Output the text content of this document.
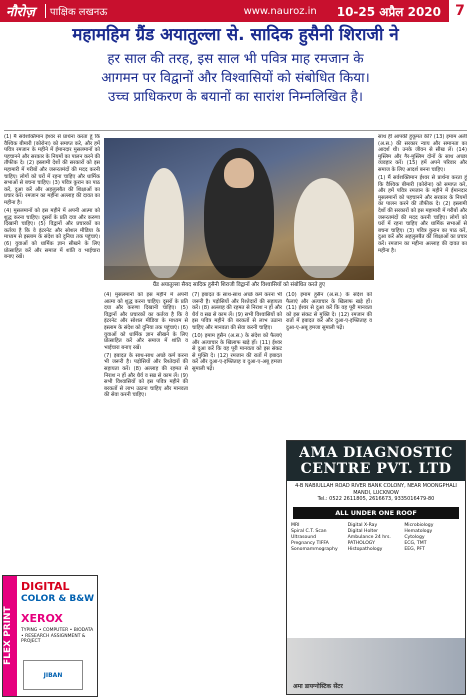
नौरोज़	पाक्षिक लखनऊ	www.nauroz.in	10-25 अप्रैल 2020	7
महामहिम ग्रैंड अयातुल्ला से. सादिक हुसैनी शिराजी ने
हर साल की तरह, इस साल भी पवित्र माह रमजान के
आगमन पर विद्वानों और विश्वासियों को संबोधित किया।
उच्च प्राधिकरण के बयानों का सारांश निम्नलिखित है।

(1) मैं सर्वशक्तिमान ईश्वर से प्रार्थना करता हूं कि वैश्विक बीमारी (कोरोना) को समाप्त करे, और हमें पवित्र रमजान के महीने में ईमानदार मुसलमानों को पहचानने और सरकार के नियमों का पालन करने की तौफीक दे। (2) इस्लामी देशों की सरकारों को इस महामारी में गरीबों और जरूरतमंदों की मदद करनी चाहिए। लोगों को घरों में रहना चाहिए और धार्मिक सभाओं से बचना चाहिए। (3) पवित्र कुरान का पाठ करें, दुआ करें और अहलुलबैत की शिक्षाओं का प्रचार करें। रमजान का महीना अल्लाह की दावत का महीना है।

(4) मुसलमानों को इस महीने में अपनी आत्मा को शुद्ध करना चाहिए। दूसरों के प्रति दया और करुणा दिखानी चाहिए। (5) विद्वानों और प्रचारकों का कर्तव्य है कि वे इंटरनेट और सोशल मीडिया के माध्यम से इस्लाम के संदेश को दुनिया तक पहुंचाएं। (6) युवाओं को धार्मिक ज्ञान सीखने के लिए प्रोत्साहित करें और समाज में शांति व भाईचारा बनाए रखें।

ग्रैंड अयातुल्ला सैयद सादिक हुसैनी शिराजी विद्वानों और विश्वासियों को संबोधित करते हुए

(4) मुसलमानों को इस महीने में अपनी आत्मा को शुद्ध करना चाहिए। दूसरों के प्रति दया और करुणा दिखानी चाहिए। (5) विद्वानों और प्रचारकों का कर्तव्य है कि वे इंटरनेट और सोशल मीडिया के माध्यम से इस्लाम के संदेश को दुनिया तक पहुंचाएं। (6) युवाओं को धार्मिक ज्ञान सीखने के लिए प्रोत्साहित करें और समाज में शांति व भाईचारा बनाए रखें।

(7) इबादत के साथ-साथ अच्छे कर्म करना भी जरूरी है। पड़ोसियों और रिश्तेदारों की सहायता करें। (8) अल्लाह की रहमत से निराश न हों और धैर्य व सब्र से काम लें। (9) सभी विश्वासियों को इस पवित्र महीने की बरकतों से लाभ उठाना चाहिए और मानवता की सेवा करनी चाहिए।

(7) इबादत के साथ-साथ अच्छे कर्म करना भी जरूरी है। पड़ोसियों और रिश्तेदारों की सहायता करें। (8) अल्लाह की रहमत से निराश न हों और धैर्य व सब्र से काम लें। (9) सभी विश्वासियों को इस पवित्र महीने की बरकतों से लाभ उठाना चाहिए और मानवता की सेवा करनी चाहिए।

(10) इमाम हुसैन (अ.स.) के संदेश को फैलाएं और अत्याचार के खिलाफ खड़े हों। (11) ईश्वर से दुआ करें कि वह पूरी मानवता को इस संकट से मुक्ति दे। (12) रमजान की रातों में इबादत करें और दुआ-ए-इफ्तिताह व दुआ-ए-अबू हमजा सुमाली पढ़ें।

(10) इमाम हुसैन (अ.स.) के संदेश को फैलाएं और अत्याचार के खिलाफ खड़े हों। (11) ईश्वर से दुआ करें कि वह पूरी मानवता को इस संकट से मुक्ति दे। (12) रमजान की रातों में इबादत करें और दुआ-ए-इफ्तिताह व दुआ-ए-अबू हमजा सुमाली पढ़ें।

साथ ही आपकी हुकूमत की? (13) इमाम अली (अ.स.) की सरकार न्याय और समानता का आदर्श थी। उनके जीवन से सीख लें। (14) मुस्लिम और गैर-मुस्लिम दोनों के साथ अच्छा व्यवहार करें। (15) हमें अपने परिवार और समाज के लिए आदर्श बनना चाहिए।

(1) मैं सर्वशक्तिमान ईश्वर से प्रार्थना करता हूं कि वैश्विक बीमारी (कोरोना) को समाप्त करे, और हमें पवित्र रमजान के महीने में ईमानदार मुसलमानों को पहचानने और सरकार के नियमों का पालन करने की तौफीक दे। (2) इस्लामी देशों की सरकारों को इस महामारी में गरीबों और जरूरतमंदों की मदद करनी चाहिए। लोगों को घरों में रहना चाहिए और धार्मिक सभाओं से बचना चाहिए। (3) पवित्र कुरान का पाठ करें, दुआ करें और अहलुलबैत की शिक्षाओं का प्रचार करें। रमजान का महीना अल्लाह की दावत का महीना है।

AMA DIAGNOSTIC
CENTRE PVT. LTD
4-B NABIULLAH ROAD RIVER BANK COLONY, NEAR MOONGPHALI MANDI, LUCKNOW
Tel.: 0522 2611805, 2616673, 9335016479-80
ALL UNDER ONE ROOF
MRI	Digital X-Ray	Microbiology
Spiral C.T. Scan	Digital Holter	Hematology
Ultrasound	Ambulance 24 hrs.	Cytology
Pregnancy TIFFA	PATHOLOGY	ECG, TMT
Sonomammography	Histopathology	EEG, PFT
अमा डायग्नोस्टिक सेंटर
FLEX PRINT
DIGITAL
COLOR & B&W
XEROX
TYPING • COMPUTER • BIODATA • RESEARCH ASSIGNMENT & PROJECT
JIBAN
